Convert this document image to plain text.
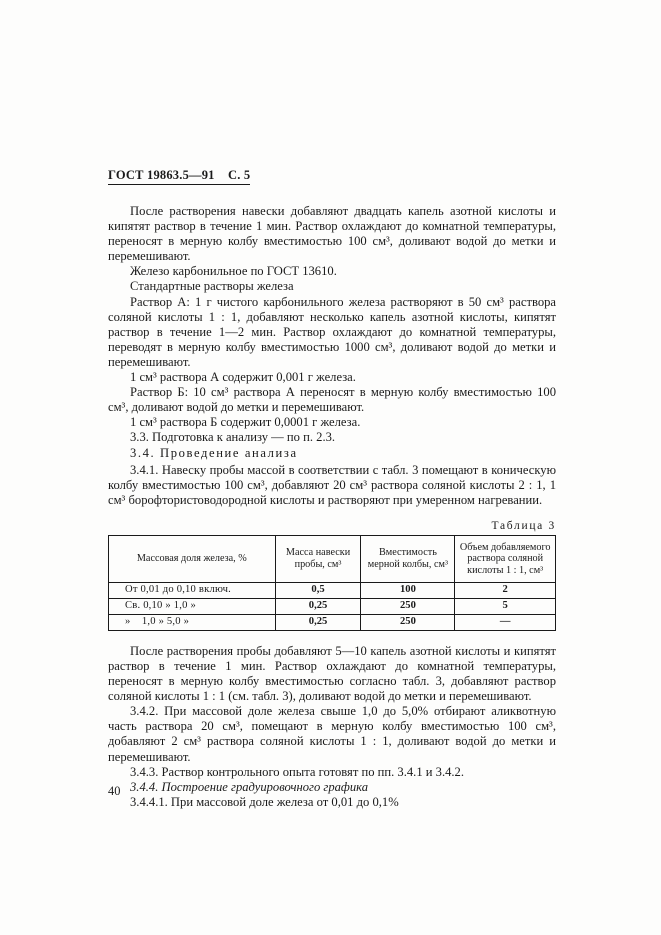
ГОСТ 19863.5—91 С. 5

После растворения навески добавляют двадцать капель азотной кислоты и кипятят раствор в течение 1 мин. Раствор охлаждают до комнатной температуры, переносят в мерную колбу вместимостью 100 см³, доливают водой до метки и перемешивают.

Железо карбонильное по ГОСТ 13610.

Стандартные растворы железа

Раствор А: 1 г чистого карбонильного железа растворяют в 50 см³ раствора соляной кислоты 1 : 1, добавляют несколько капель азотной кислоты, кипятят раствор в течение 1—2 мин. Раствор охлаждают до комнатной температуры, переводят в мерную колбу вместимостью 1000 см³, доливают водой до метки и перемешивают.

1 см³ раствора А содержит 0,001 г железа.

Раствор Б: 10 см³ раствора А переносят в мерную колбу вместимостью 100 см³, доливают водой до метки и перемешивают.

1 см³ раствора Б содержит 0,0001 г железа.

3.3. Подготовка к анализу — по п. 2.3.

3.4. Проведение анализа

3.4.1. Навеску пробы массой в соответствии с табл. 3 помещают в коническую колбу вместимостью 100 см³, добавляют 20 см³ раствора соляной кислоты 2 : 1, 1 см³ борофтористоводородной кислоты и растворяют при умеренном нагревании.

Таблица 3
Массовая доля железа, %	Масса навески пробы, см³	Вместимость мерной колбы, см³	Объем добавляемого раствора соляной кислоты 1 : 1, см³
От 0,01 до 0,10 включ.	0,5	100	2
Св. 0,10 » 1,0 »	0,25	250	5
» 1,0 » 5,0 »	0,25	250	—

После растворения пробы добавляют 5—10 капель азотной кислоты и кипятят раствор в течение 1 мин. Раствор охлаждают до комнатной температуры, переносят в мерную колбу вместимостью согласно табл. 3, добавляют раствор соляной кислоты 1 : 1 (см. табл. 3), доливают водой до метки и перемешивают.

3.4.2. При массовой доле железа свыше 1,0 до 5,0% отбирают аликвотную часть раствора 20 см³, помещают в мерную колбу вместимостью 100 см³, добавляют 2 см³ раствора соляной кислоты 1 : 1, доливают водой до метки и перемешивают.

3.4.3. Раствор контрольного опыта готовят по пп. 3.4.1 и 3.4.2.

3.4.4. Построение градуировочного графика

3.4.4.1. При массовой доле железа от 0,01 до 0,1%

40
